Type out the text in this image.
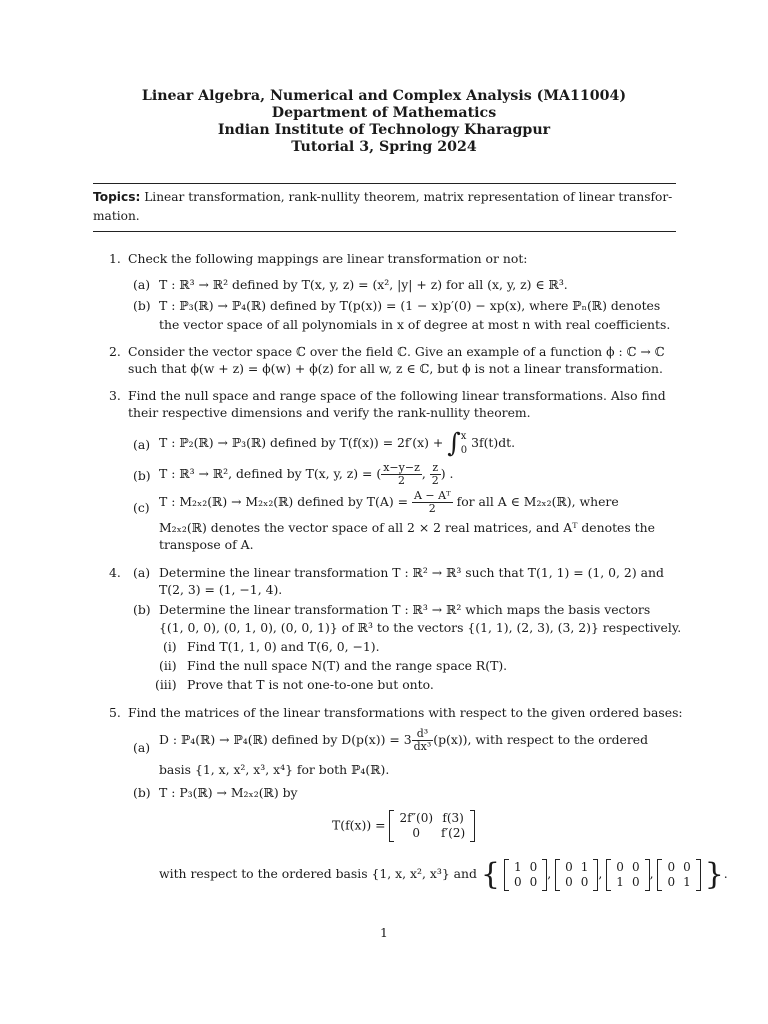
Linear Algebra, Numerical and Complex Analysis (MA11004)
Department of Mathematics
Indian Institute of Technology Kharagpur
Tutorial 3, Spring 2024
Topics: Linear transformation, rank-nullity theorem, matrix representation of linear transfor-mation.
1. Check the following mappings are linear transformation or not:
(a) T : ℝ³ → ℝ² defined by T(x, y, z) = (x², |y| + z) for all (x, y, z) ∈ ℝ³.
(b) T : ℙ₃(ℝ) → ℙ₄(ℝ) defined by T(p(x)) = (1 − x)p′(0) − xp(x), where ℙₙ(ℝ) denotes
the vector space of all polynomials in x of degree at most n with real coefficients.
2. Consider the vector space ℂ over the field ℂ. Give an example of a function ϕ : ℂ → ℂ
such that ϕ(w + z) = ϕ(w) + ϕ(z) for all w, z ∈ ℂ, but ϕ is not a linear transformation.
3. Find the null space and range space of the following linear transformations. Also find
their respective dimensions and verify the rank-nullity theorem.
(a) T : ℙ₂(ℝ) → ℙ₃(ℝ) defined by T(f(x)) = 2f′(x) + ∫ x
0 3f(t)dt.
(b) T : ℝ³ → ℝ², defined by T(x, y, z) = ( $\frac{x-y-z}{2}$ , $\frac{z}{2}$ ) .
(c) T : M₂ₓ₂(ℝ) → M₂ₓ₂(ℝ) defined by $T(A) = \frac{\text{A − Aᵀ}}{2}$ for all A ∈ M₂ₓ₂(ℝ), where
M₂ₓ₂(ℝ) denotes the vector space of all 2 × 2 real matrices, and Aᵀ denotes the
transpose of A.
4. (a) Determine the linear transformation T : ℝ² → ℝ³ such that T(1, 1) = (1, 0, 2) and
T(2, 3) = (1, −1, 4).
(b) Determine the linear transformation T : ℝ³ → ℝ² which maps the basis vectors
{(1, 0, 0), (0, 1, 0), (0, 0, 1)} of ℝ³ to the vectors {(1, 1), (2, 3), (3, 2)} respectively.
(i) Find T(1, 1, 0) and T(6, 0, −1).
(ii) Find the null space N(T) and the range space R(T).
(iii) Prove that T is not one-to-one but onto.
5. Find the matrices of the linear transformations with respect to the given ordered bases:
(a)
D : ℙ₄(ℝ) → ℙ₄(ℝ) defined by $D(p(x)) = 3 \frac{\text{d³}}{\text{dx³}} (p(x))$, with respect to the ordered
basis {1, x, x², x³, x⁴} for both ℙ₄(ℝ).
(b) T : P₃(ℝ) → M₂ₓ₂(ℝ) by
T(f(x)) = 2f″(0)	f(3)
0	f′(2)
with respect to the ordered basis {1, x, x², x³} and { 1	0
0	0
, 0	1
0	0
, 0	0
1	0
, 0	0
0	1 }.
1
